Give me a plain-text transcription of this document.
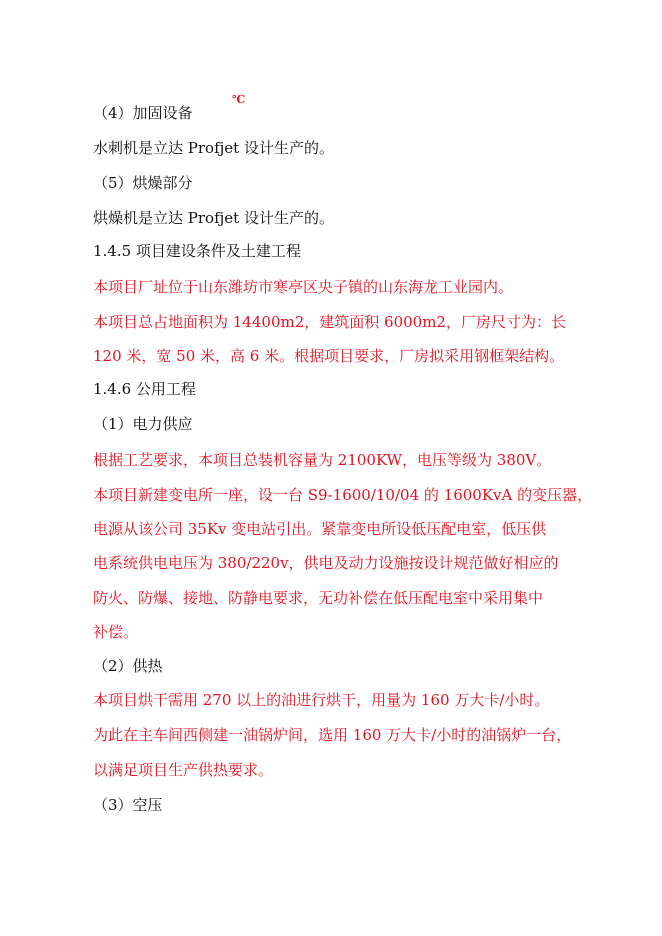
℃
（4）加固设备
水刺机是立达 Profjet 设计生产的。
（5）烘燥部分
烘燥机是立达 Profjet 设计生产的。
1.4.5 项目建设条件及土建工程
本项目厂址位于山东潍坊市寒亭区央子镇的山东海龙工业园内。
本项目总占地面积为 14400m2，建筑面积 6000m2，厂房尺寸为：长
120 米，宽 50 米，高 6 米。根据项目要求，厂房拟采用钢框架结构。
1.4.6 公用工程
（1）电力供应
根据工艺要求，本项目总装机容量为 2100KW，电压等级为 380V。
本项目新建变电所一座，设一台 S9-1600/10/04 的 1600KvA 的变压器，
电源从该公司 35Kv 变电站引出。紧靠变电所设低压配电室，低压供
电系统供电电压为 380/220v，供电及动力设施按设计规范做好相应的
防火、防爆、接地、防静电要求，无功补偿在低压配电室中采用集中
补偿。
（2）供热
本项目烘干需用 270 以上的油进行烘干，用量为 160 万大卡/小时。
为此在主车间西侧建一油锅炉间，选用 160 万大卡/小时的油锅炉一台，
以满足项目生产供热要求。
（3）空压
